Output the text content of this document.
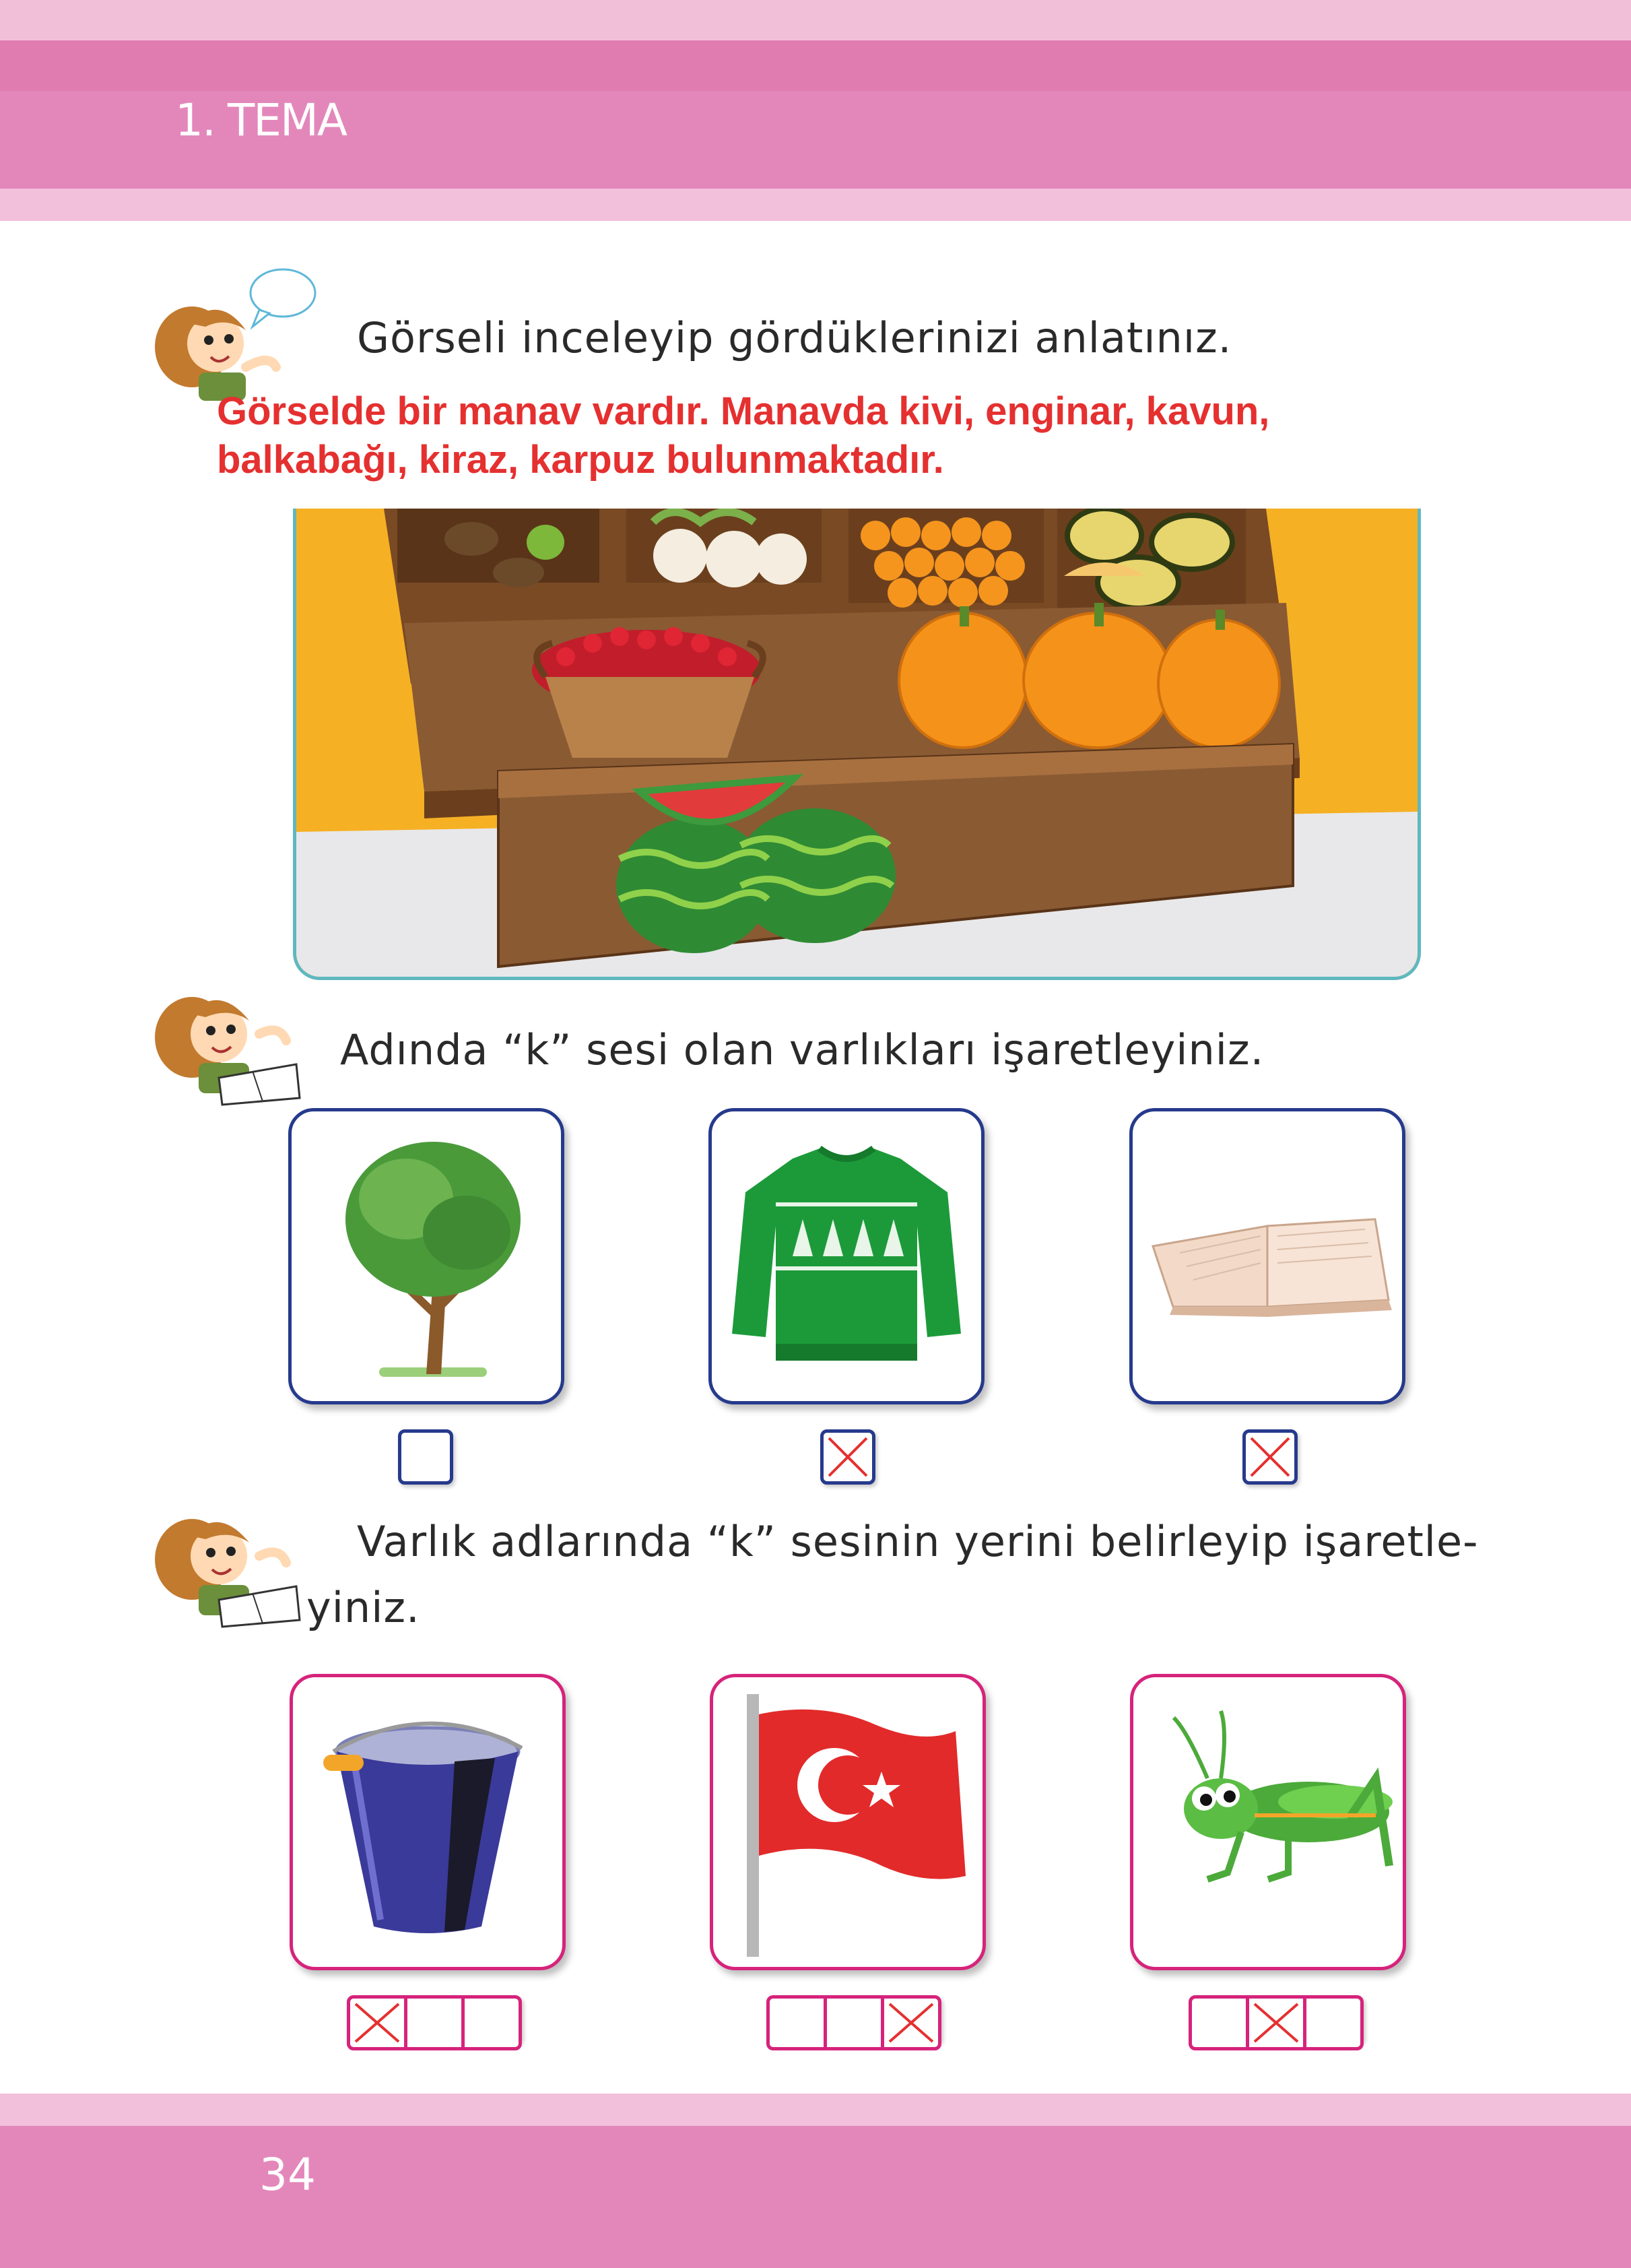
1. TEMA
Görseli inceleyip gördüklerinizi anlatınız.
Görselde bir manav vardır. Manavda kivi, enginar, kavun,
balkabağı, kiraz, karpuz bulunmaktadır.
Adında “k” sesi olan varlıkları işaretleyiniz.
Varlık adlarında “k” sesinin yerini belirleyip işaretle-
yiniz.
34
